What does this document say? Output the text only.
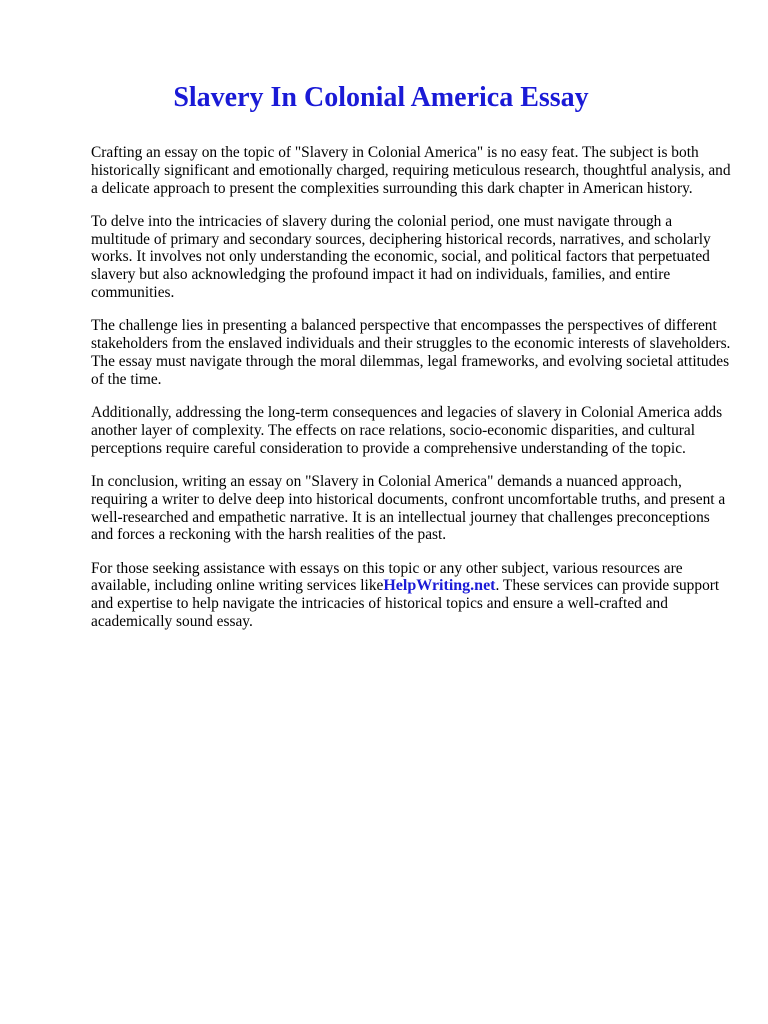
Slavery In Colonial America Essay

Crafting an essay on the topic of "Slavery in Colonial America" is no easy feat. The subject is both historically significant and emotionally charged, requiring meticulous research, thoughtful analysis, and a delicate approach to present the complexities surrounding this dark chapter in American history.

To delve into the intricacies of slavery during the colonial period, one must navigate through a multitude of primary and secondary sources, deciphering historical records, narratives, and scholarly works. It involves not only understanding the economic, social, and political factors that perpetuated slavery but also acknowledging the profound impact it had on individuals, families, and entire communities.

The challenge lies in presenting a balanced perspective that encompasses the perspectives of different stakeholders from the enslaved individuals and their struggles to the economic interests of slaveholders. The essay must navigate through the moral dilemmas, legal frameworks, and evolving societal attitudes of the time.

Additionally, addressing the long-term consequences and legacies of slavery in Colonial America adds another layer of complexity. The effects on race relations, socio-economic disparities, and cultural perceptions require careful consideration to provide a comprehensive understanding of the topic.

In conclusion, writing an essay on "Slavery in Colonial America" demands a nuanced approach, requiring a writer to delve deep into historical documents, confront uncomfortable truths, and present a well-researched and empathetic narrative. It is an intellectual journey that challenges preconceptions and forces a reckoning with the harsh realities of the past.

For those seeking assistance with essays on this topic or any other subject, various resources are available, including online writing services likeHelpWriting.net. These services can provide support and expertise to help navigate the intricacies of historical topics and ensure a well-crafted and academically sound essay.
